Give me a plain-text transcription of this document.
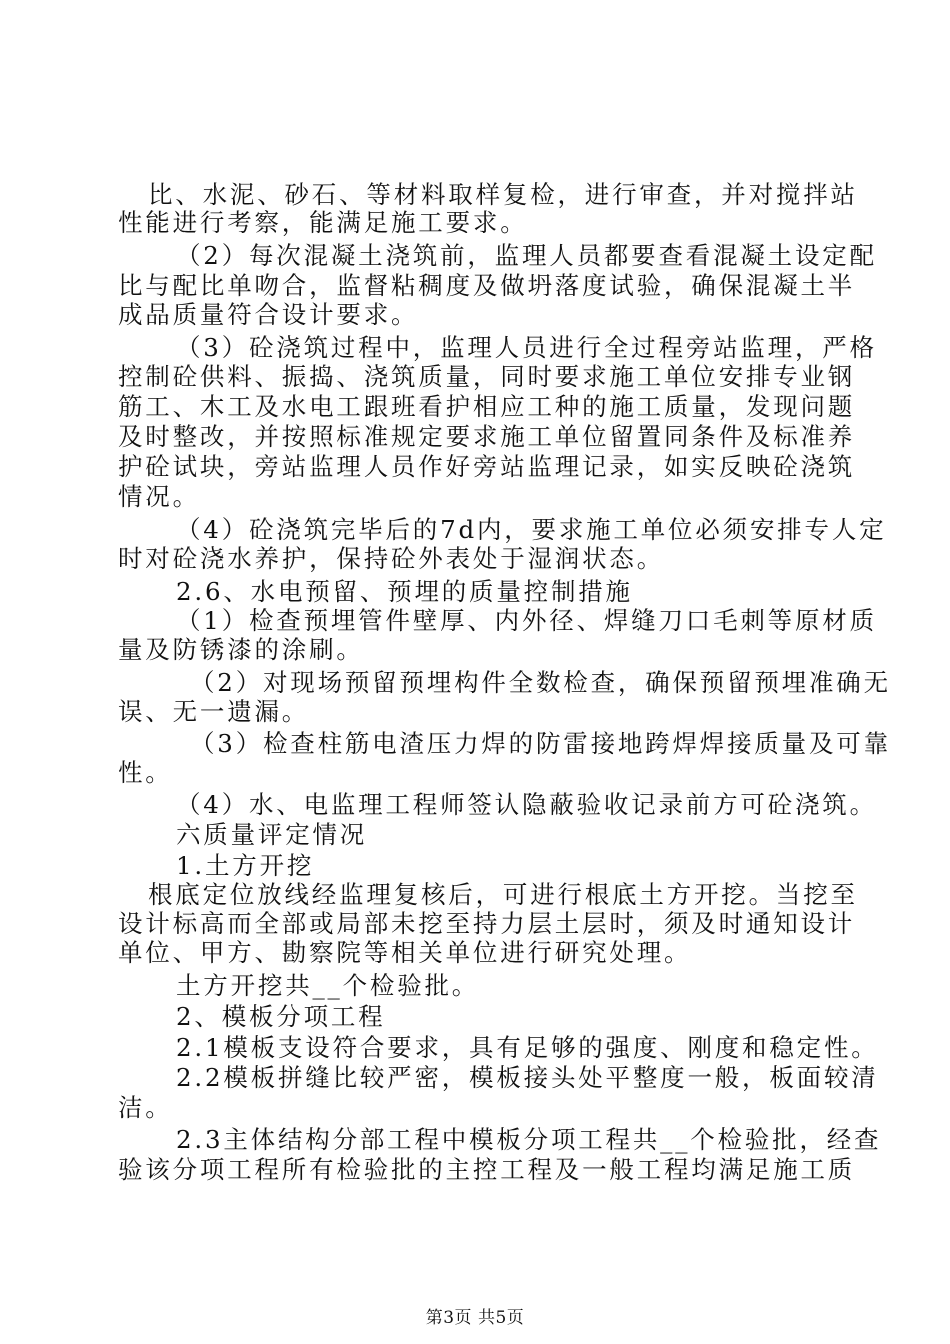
比、水泥、砂石、等材料取样复检，进行审查，并对搅拌站
性能进行考察，能满足施工要求。
（2）每次混凝土浇筑前，监理人员都要查看混凝土设定配
比与配比单吻合，监督粘稠度及做坍落度试验，确保混凝土半
成品质量符合设计要求。
（3）砼浇筑过程中，监理人员进行全过程旁站监理，严格
控制砼供料、振捣、浇筑质量，同时要求施工单位安排专业钢
筋工、木工及水电工跟班看护相应工种的施工质量，发现问题
及时整改，并按照标准规定要求施工单位留置同条件及标准养
护砼试块，旁站监理人员作好旁站监理记录，如实反映砼浇筑
情况。
（4）砼浇筑完毕后的7d内，要求施工单位必须安排专人定
时对砼浇水养护，保持砼外表处于湿润状态。
2.6、水电预留、预埋的质量控制措施
（1）检查预埋管件壁厚、内外径、焊缝刀口毛刺等原材质
量及防锈漆的涂刷。
（2）对现场预留预埋构件全数检查，确保预留预埋准确无
误、无一遗漏。
（3）检查柱筋电渣压力焊的防雷接地跨焊焊接质量及可靠
性。
（4）水、电监理工程师签认隐蔽验收记录前方可砼浇筑。
六质量评定情况
1.土方开挖
根底定位放线经监理复核后，可进行根底土方开挖。当挖至
设计标高而全部或局部未挖至持力层土层时，须及时通知设计
单位、甲方、勘察院等相关单位进行研究处理。
土方开挖共__个检验批。
2、模板分项工程
2.1模板支设符合要求，具有足够的强度、刚度和稳定性。
2.2模板拼缝比较严密，模板接头处平整度一般，板面较清
洁。
2.3主体结构分部工程中模板分项工程共__个检验批，经查
验该分项工程所有检验批的主控工程及一般工程均满足施工质
第3页 共5页
